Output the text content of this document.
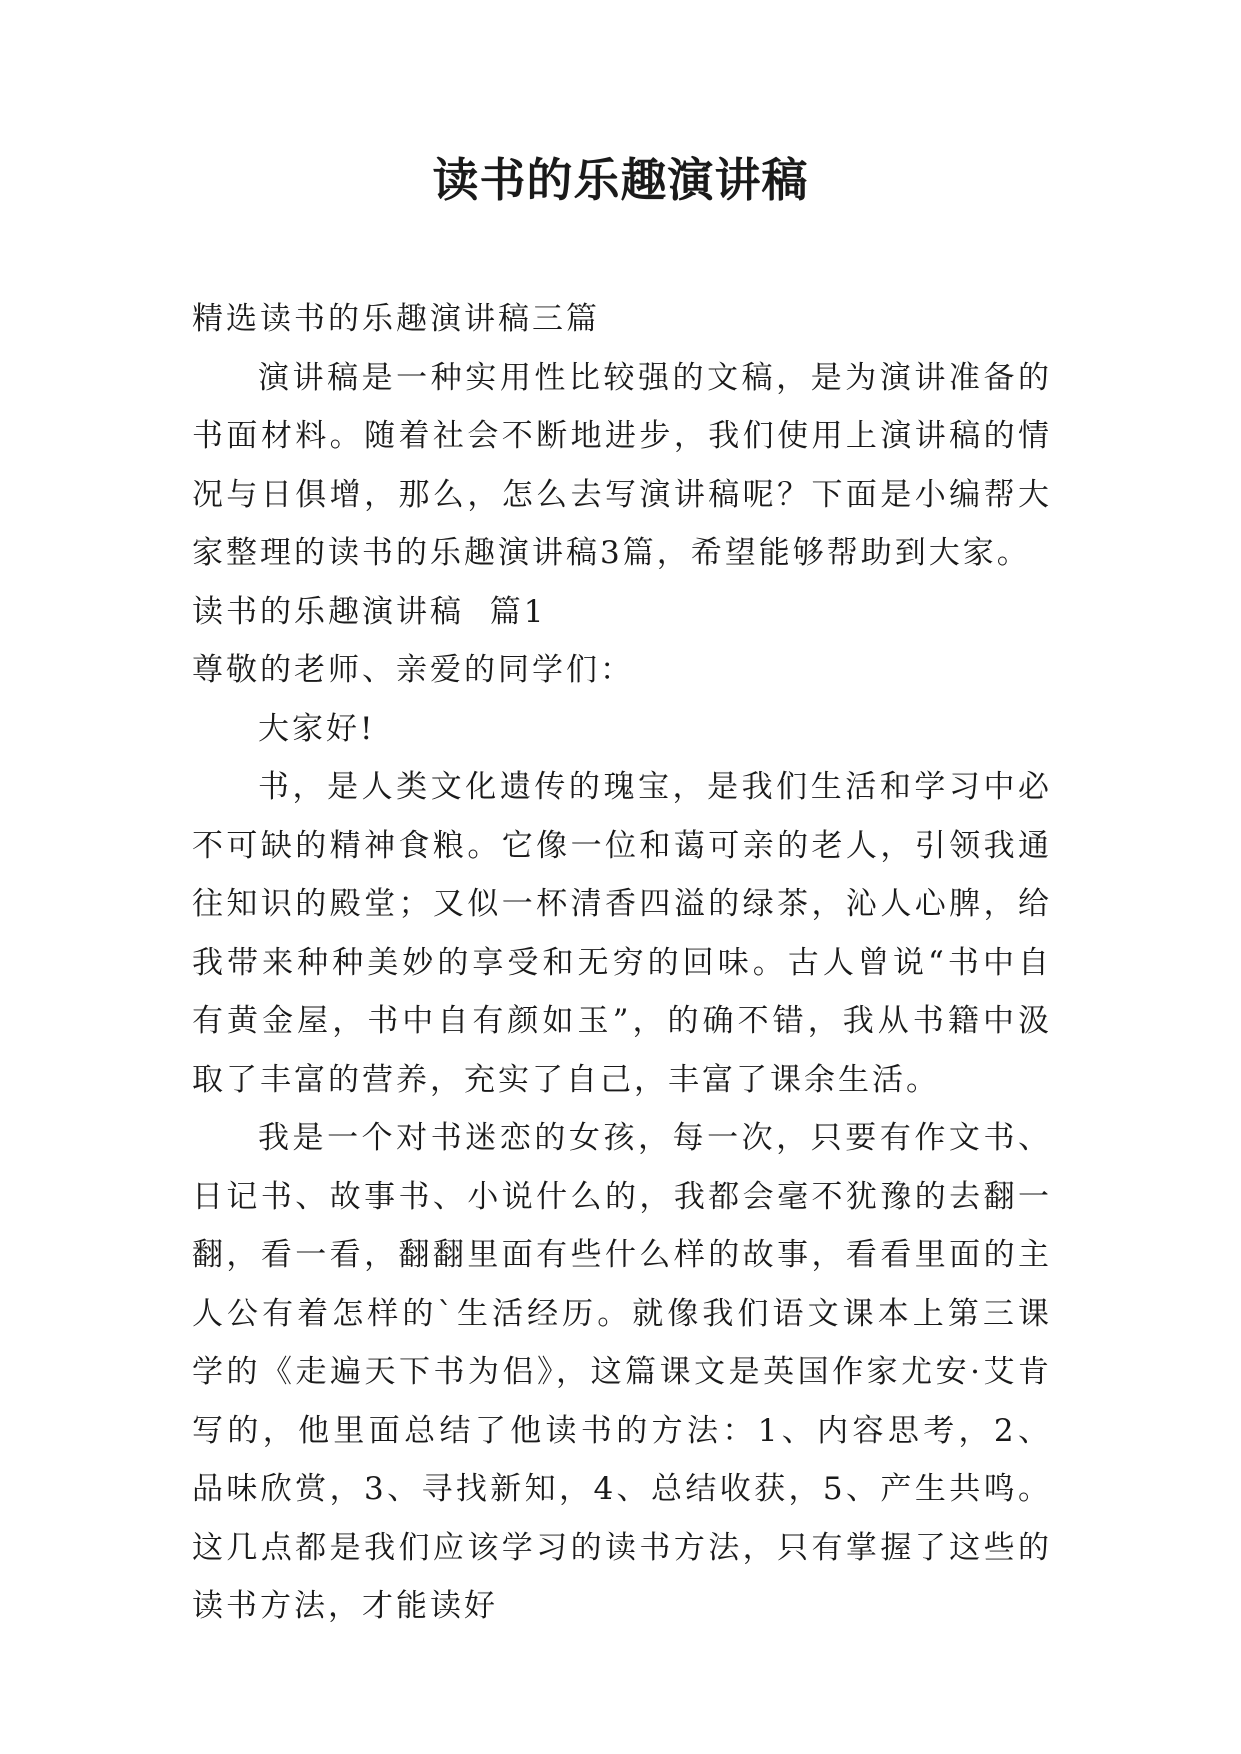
读书的乐趣演讲稿

精选读书的乐趣演讲稿三篇

演讲稿是一种实用性比较强的文稿，是为演讲准备的书面材料。随着社会不断地进步，我们使用上演讲稿的情况与日俱增，那么，怎么去写演讲稿呢？下面是小编帮大家整理的读书的乐趣演讲稿3篇，希望能够帮助到大家。

读书的乐趣演讲稿  篇1

尊敬的老师、亲爱的同学们：

大家好!

书，是人类文化遗传的瑰宝，是我们生活和学习中必不可缺的精神食粮。它像一位和蔼可亲的老人，引领我通往知识的殿堂；又似一杯清香四溢的绿茶，沁人心脾，给我带来种种美妙的享受和无穷的回味。古人曾说“书中自有黄金屋，书中自有颜如玉”，的确不错，我从书籍中汲取了丰富的营养，充实了自己，丰富了课余生活。

我是一个对书迷恋的女孩，每一次，只要有作文书、日记书、故事书、小说什么的，我都会毫不犹豫的去翻一翻，看一看，翻翻里面有些什么样的故事，看看里面的主人公有着怎样的`生活经历。就像我们语文课本上第三课学的《走遍天下书为侣》，这篇课文是英国作家尤安·艾肯写的，他里面总结了他读书的方法：1、内容思考，2、品味欣赏，3、寻找新知，4、总结收获，5、产生共鸣。这几点都是我们应该学习的读书方法，只有掌握了这些的读书方法，才能读好
